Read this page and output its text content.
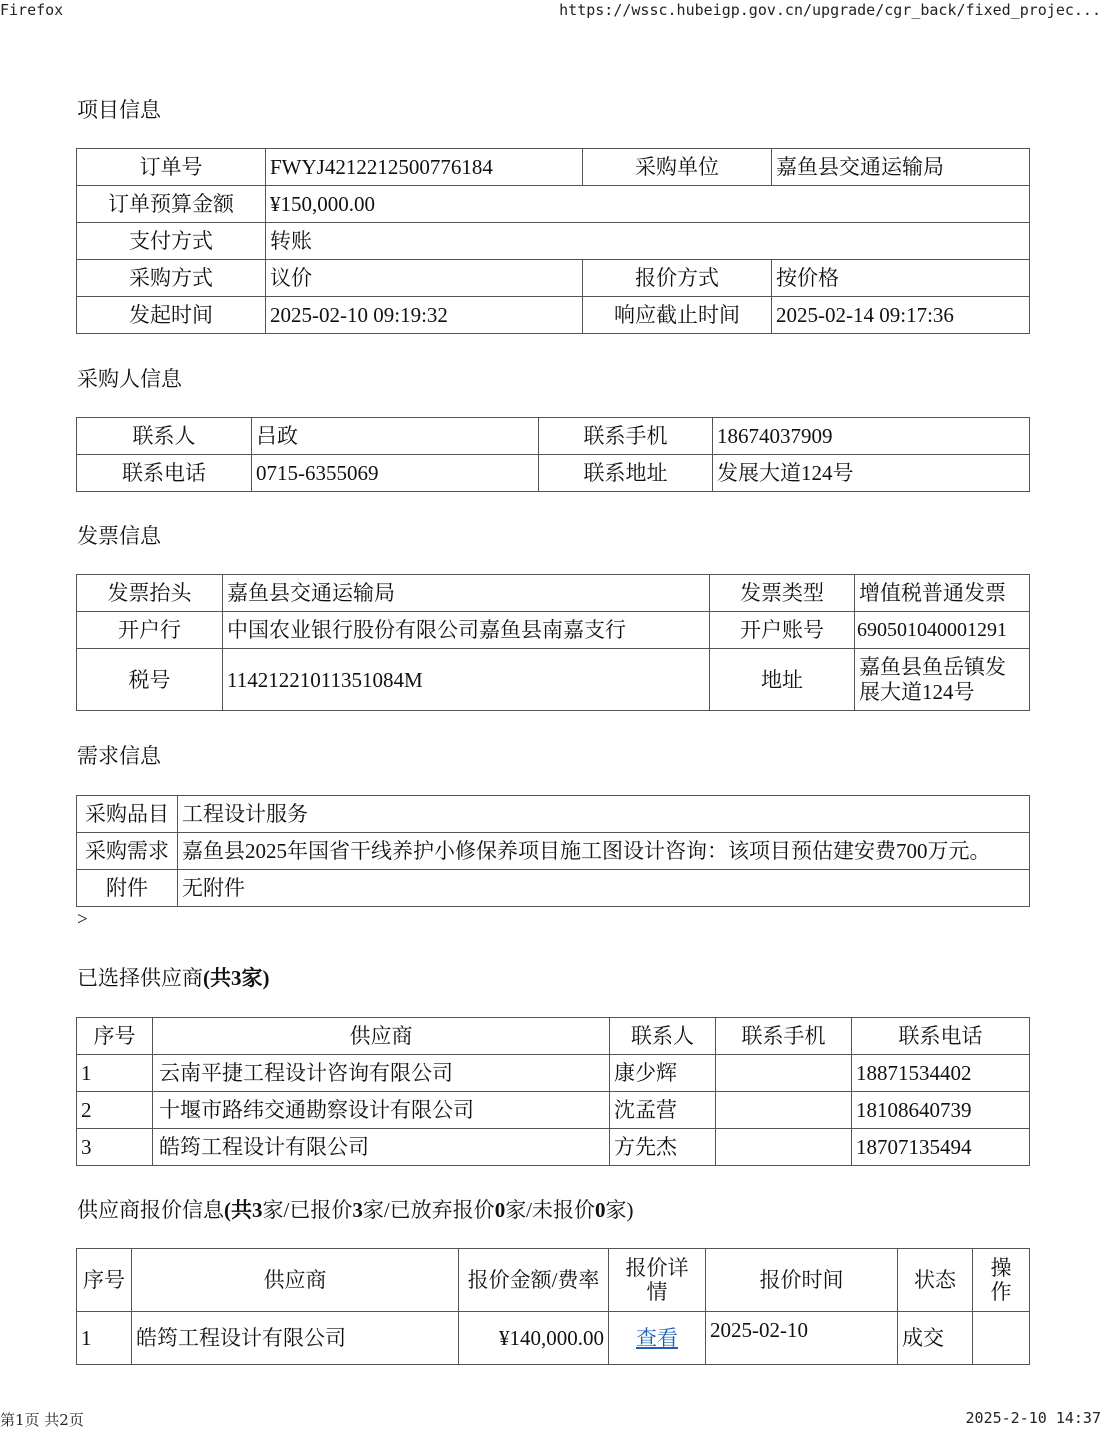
Firefox	https://wssc.hubeigp.gov.cn/upgrade/cgr_back/fixed_projec...
项目信息
订单号	FWYJ4212212500776184	采购单位	嘉鱼县交通运输局
订单预算金额	¥150,000.00		
支付方式	转账		
采购方式	议价	报价方式	按价格
发起时间	2025-02-10 09:19:32	响应截止时间	2025-02-14 09:17:36
采购人信息
联系人	吕政	联系手机	18674037909
联系电话	0715-6355069	联系地址	发展大道124号
发票信息
发票抬头	嘉鱼县交通运输局	发票类型	增值税普通发票
开户行	中国农业银行股份有限公司嘉鱼县南嘉支行	开户账号	690501040001291
税号	11421221011351084M	地址	嘉鱼县鱼岳镇发展大道124号
需求信息
采购品目	工程设计服务
采购需求	嘉鱼县2025年国省干线养护小修保养项目施工图设计咨询：该项目预估建安费700万元。
附件	无附件
>
已选择供应商(共3家)
序号	供应商	联系人	联系手机	联系电话
1	云南平捷工程设计咨询有限公司	康少辉		18871534402
2	十堰市路纬交通勘察设计有限公司	沈孟营		18108640739
3	皓筠工程设计有限公司	方先杰		18707135494
供应商报价信息(共3家/已报价3家/已放弃报价0家/未报价0家)
序号	供应商	报价金额/费率	报价详情	报价时间	状态	操作
1	皓筠工程设计有限公司	¥140,000.00	查看	2025-02-10	成交	
第1页 共2页	2025-2-10 14:37
